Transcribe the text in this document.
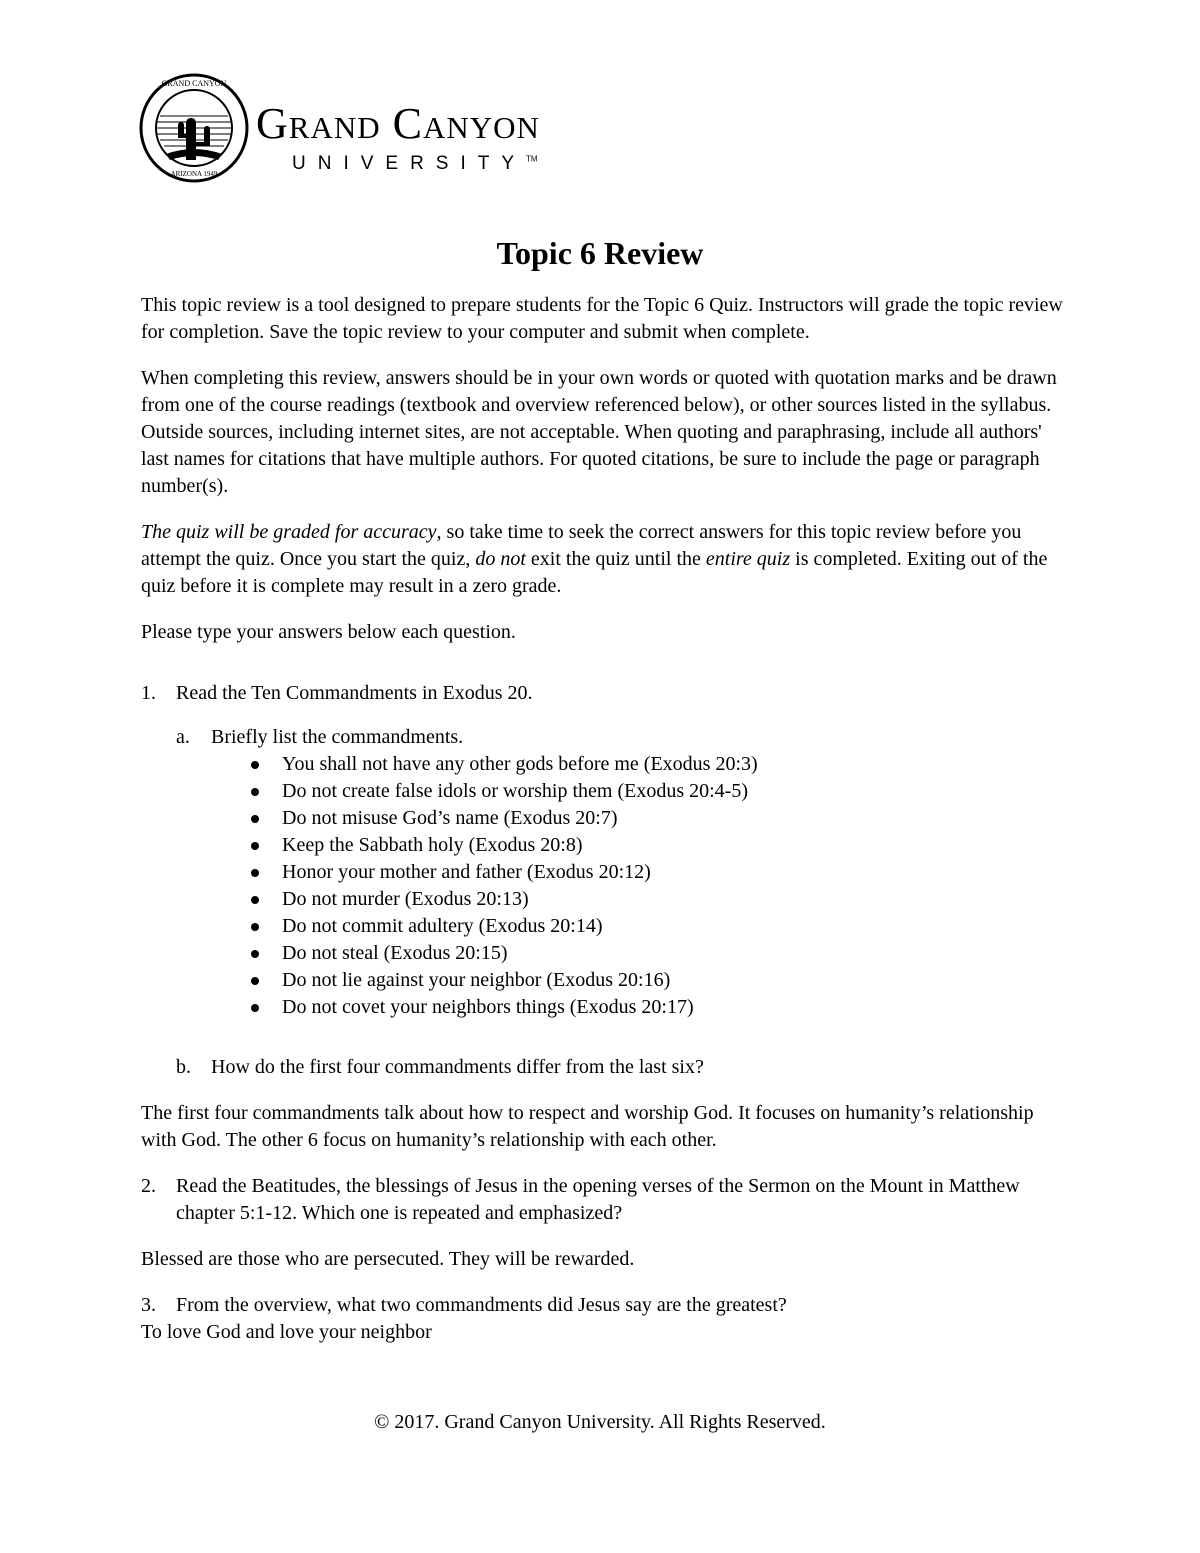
GRAND CANYON
ARIZONA 1949
Grand Canyon
UNIVERSITY™
Topic 6 Review

This topic review is a tool designed to prepare students for the Topic 6 Quiz. Instructors will grade the topic review for completion. Save the topic review to your computer and submit when complete.

When completing this review, answers should be in your own words or quoted with quotation marks and be drawn from one of the course readings (textbook and overview referenced below), or other sources listed in the syllabus. Outside sources, including internet sites, are not acceptable. When quoting and paraphrasing, include all authors' last names for citations that have multiple authors. For quoted citations, be sure to include the page or paragraph number(s).

The quiz will be graded for accuracy, so take time to seek the correct answers for this topic review before you attempt the quiz. Once you start the quiz, do not exit the quiz until the entire quiz is completed. Exiting out of the quiz before it is complete may result in a zero grade.

Please type your answers below each question.

1. Read the Ten Commandments in Exodus 20.
a. Briefly list the commandments.
You shall not have any other gods before me (Exodus 20:3)
Do not create false idols or worship them (Exodus 20:4-5)
Do not misuse God’s name (Exodus 20:7)
Keep the Sabbath holy (Exodus 20:8)
Honor your mother and father (Exodus 20:12)
Do not murder (Exodus 20:13)
Do not commit adultery (Exodus 20:14)
Do not steal (Exodus 20:15)
Do not lie against your neighbor (Exodus 20:16)
Do not covet your neighbors things (Exodus 20:17)
b. How do the first four commandments differ from the last six?

The first four commandments talk about how to respect and worship God. It focuses on humanity’s relationship with God. The other 6 focus on humanity’s relationship with each other.

2. Read the Beatitudes, the blessings of Jesus in the opening verses of the Sermon on the Mount in Matthew chapter 5:1-12. Which one is repeated and emphasized?

Blessed are those who are persecuted. They will be rewarded.

3. From the overview, what two commandments did Jesus say are the greatest?

To love God and love your neighbor

© 2017. Grand Canyon University. All Rights Reserved.
